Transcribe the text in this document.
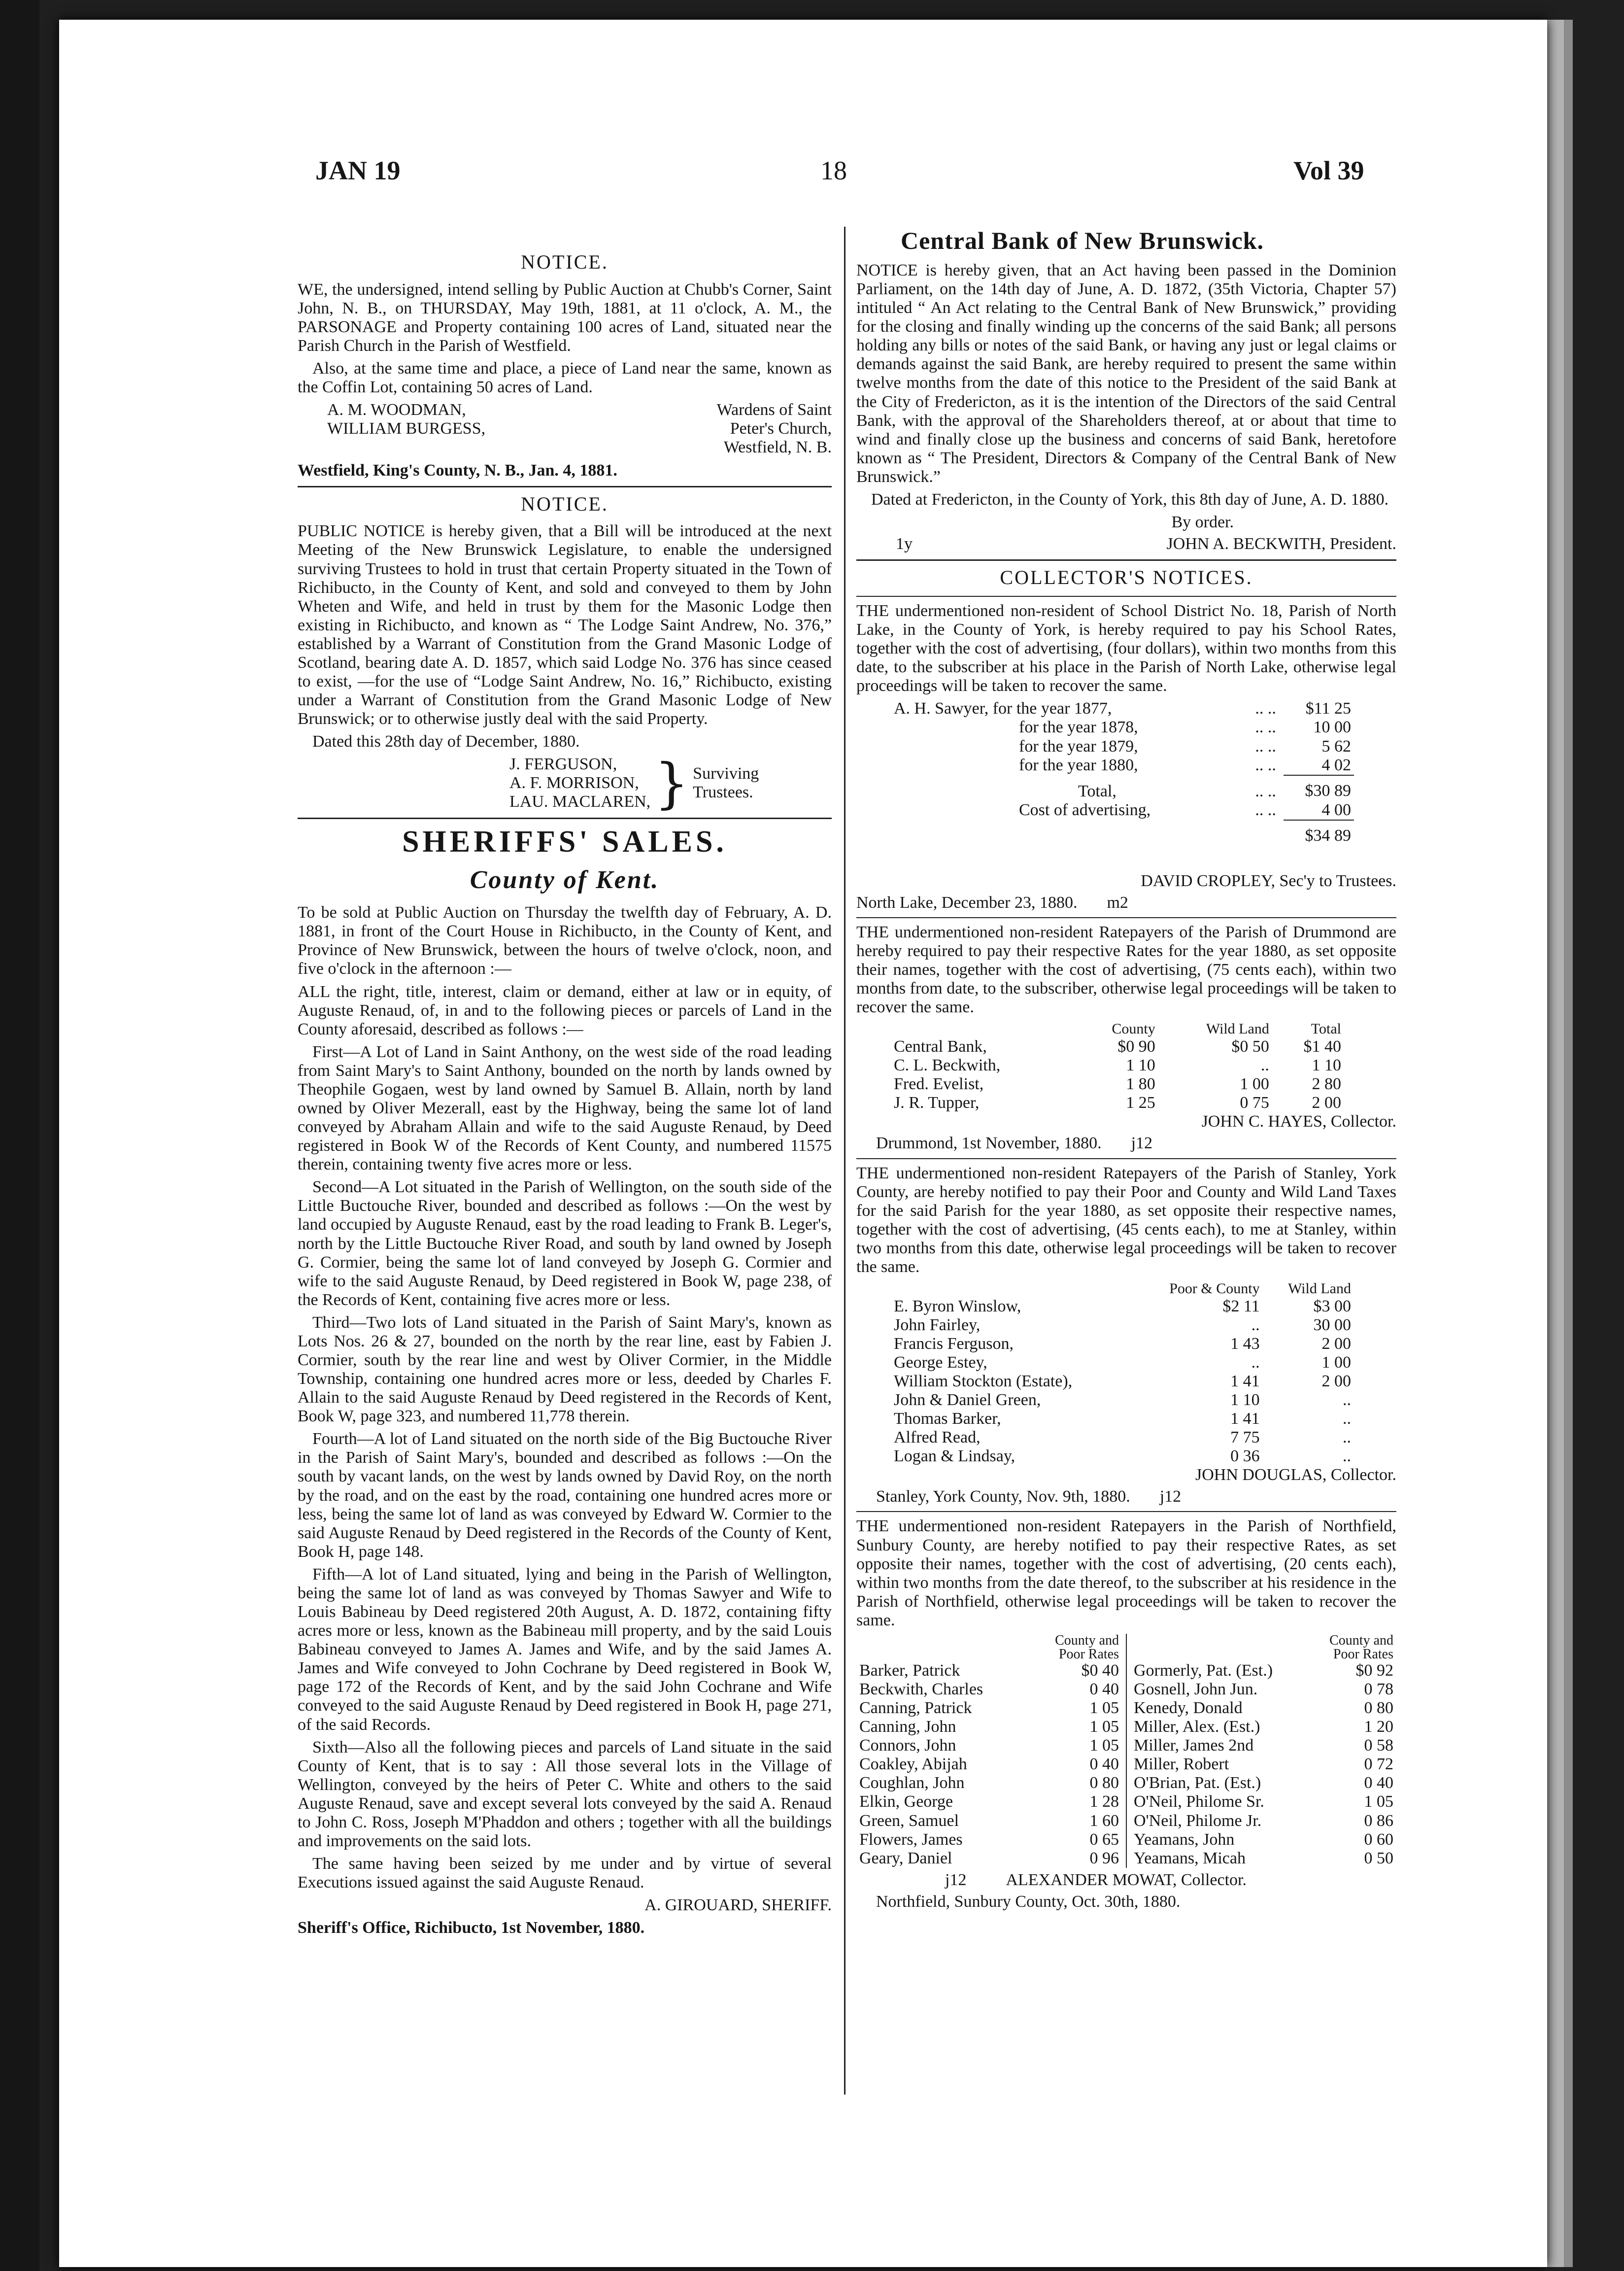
JAN 19	18	Vol 39
NOTICE.

WE, the undersigned, intend selling by Public Auction at Chubb's Corner, Saint John, N. B., on THURSDAY, May 19th, 1881, at 11 o'clock, A. M., the PARSONAGE and Property containing 100 acres of Land, situated near the Parish Church in the Parish of Westfield.

Also, at the same time and place, a piece of Land near the same, known as the Coffin Lot, containing 50 acres of Land.

A. M. WOODMAN,
WILLIAM BURGESS,
Wardens of Saint
Peter's Church,
Westfield, N. B.
Westfield, King's County, N. B., Jan. 4, 1881.
NOTICE.

PUBLIC NOTICE is hereby given, that a Bill will be introduced at the next Meeting of the New Brunswick Legislature, to enable the undersigned surviving Trustees to hold in trust that certain Property situated in the Town of Richibucto, in the County of Kent, and sold and conveyed to them by John Wheten and Wife, and held in trust by them for the Masonic Lodge then existing in Richibucto, and known as “ The Lodge Saint Andrew, No. 376,” established by a Warrant of Constitution from the Grand Masonic Lodge of Scotland, bearing date A. D. 1857, which said Lodge No. 376 has since ceased to exist, —for the use of “Lodge Saint Andrew, No. 16,” Richibucto, existing under a Warrant of Constitution from the Grand Masonic Lodge of New Brunswick; or to otherwise justly deal with the said Property.

Dated this 28th day of December, 1880.

J. FERGUSON,
A. F. MORRISON,
LAU. MACLAREN, } Surviving
Trustees.
SHERIFFS' SALES.
County of Kent.

To be sold at Public Auction on Thursday the twelfth day of February, A. D. 1881, in front of the Court House in Richibucto, in the County of Kent, and Province of New Brunswick, between the hours of twelve o'clock, noon, and five o'clock in the afternoon :—

ALL the right, title, interest, claim or demand, either at law or in equity, of Auguste Renaud, of, in and to the following pieces or parcels of Land in the County aforesaid, described as follows :—

First—A Lot of Land in Saint Anthony, on the west side of the road leading from Saint Mary's to Saint Anthony, bounded on the north by lands owned by Theophile Gogaen, west by land owned by Samuel B. Allain, north by land owned by Oliver Mezerall, east by the Highway, being the same lot of land conveyed by Abraham Allain and wife to the said Auguste Renaud, by Deed registered in Book W of the Records of Kent County, and numbered 11575 therein, containing twenty five acres more or less.

Second—A Lot situated in the Parish of Wellington, on the south side of the Little Buctouche River, bounded and described as follows :—On the west by land occupied by Auguste Renaud, east by the road leading to Frank B. Leger's, north by the Little Buctouche River Road, and south by land owned by Joseph G. Cormier, being the same lot of land conveyed by Joseph G. Cormier and wife to the said Auguste Renaud, by Deed registered in Book W, page 238, of the Records of Kent, containing five acres more or less.

Third—Two lots of Land situated in the Parish of Saint Mary's, known as Lots Nos. 26 & 27, bounded on the north by the rear line, east by Fabien J. Cormier, south by the rear line and west by Oliver Cormier, in the Middle Township, containing one hundred acres more or less, deeded by Charles F. Allain to the said Auguste Renaud by Deed registered in the Records of Kent, Book W, page 323, and numbered 11,778 therein.

Fourth—A lot of Land situated on the north side of the Big Buctouche River in the Parish of Saint Mary's, bounded and described as follows :—On the south by vacant lands, on the west by lands owned by David Roy, on the north by the road, and on the east by the road, containing one hundred acres more or less, being the same lot of land as was conveyed by Edward W. Cormier to the said Auguste Renaud by Deed registered in the Records of the County of Kent, Book H, page 148.

Fifth—A lot of Land situated, lying and being in the Parish of Wellington, being the same lot of land as was conveyed by Thomas Sawyer and Wife to Louis Babineau by Deed registered 20th August, A. D. 1872, containing fifty acres more or less, known as the Babineau mill property, and by the said Louis Babineau conveyed to James A. James and Wife, and by the said James A. James and Wife conveyed to John Cochrane by Deed registered in Book W, page 172 of the Records of Kent, and by the said John Cochrane and Wife conveyed to the said Auguste Renaud by Deed registered in Book H, page 271, of the said Records.

Sixth—Also all the following pieces and parcels of Land situate in the said County of Kent, that is to say : All those several lots in the Village of Wellington, conveyed by the heirs of Peter C. White and others to the said Auguste Renaud, save and except several lots conveyed by the said A. Renaud to John C. Ross, Joseph M'Phaddon and others ; together with all the buildings and improvements on the said lots.

The same having been seized by me under and by virtue of several Executions issued against the said Auguste Renaud.

A. GIROUARD, SHERIFF.
Sheriff's Office, Richibucto, 1st November, 1880.
Central Bank of New Brunswick.

NOTICE is hereby given, that an Act having been passed in the Dominion Parliament, on the 14th day of June, A. D. 1872, (35th Victoria, Chapter 57) intituled “ An Act relating to the Central Bank of New Brunswick,” providing for the closing and finally winding up the concerns of the said Bank; all persons holding any bills or notes of the said Bank, or having any just or legal claims or demands against the said Bank, are hereby required to present the same within twelve months from the date of this notice to the President of the said Bank at the City of Fredericton, as it is the intention of the Directors of the said Central Bank, with the approval of the Shareholders thereof, at or about that time to wind and finally close up the business and concerns of said Bank, heretofore known as “ The President, Directors & Company of the Central Bank of New Brunswick.”

Dated at Fredericton, in the County of York, this 8th day of June, A. D. 1880.

By order.
1y	JOHN A. BECKWITH, President.
COLLECTOR'S NOTICES.

THE undermentioned non-resident of School District No. 18, Parish of North Lake, in the County of York, is hereby required to pay his School Rates, together with the cost of advertising, (four dollars), within two months from this date, to the subscriber at his place in the Parish of North Lake, otherwise legal proceedings will be taken to recover the same.

A. H. Sawyer, for the year 1877,	.. ..	$11 25
for the year 1878,	.. ..	10 00
for the year 1879,	.. ..	5 62
for the year 1880,	.. ..	4 02
Total,	.. ..	$30 89
Cost of advertising,	.. ..	4 00
		$34 89
DAVID CROPLEY, Sec'y to Trustees.
North Lake, December 23, 1880. m2

THE undermentioned non-resident Ratepayers of the Parish of Drummond are hereby required to pay their respective Rates for the year 1880, as set opposite their names, together with the cost of advertising, (75 cents each), within two months from date, to the subscriber, otherwise legal proceedings will be taken to recover the same.

	County	Wild Land	Total
Central Bank,	$0 90	$0 50	$1 40
C. L. Beckwith,	1 10	..	1 10
Fred. Evelist,	1 80	1 00	2 80
J. R. Tupper,	1 25	0 75	2 00
JOHN C. HAYES, Collector.
Drummond, 1st November, 1880. j12

THE undermentioned non-resident Ratepayers of the Parish of Stanley, York County, are hereby notified to pay their Poor and County and Wild Land Taxes for the said Parish for the year 1880, as set opposite their respective names, together with the cost of advertising, (45 cents each), to me at Stanley, within two months from this date, otherwise legal proceedings will be taken to recover the same.

	Poor & County	Wild Land
E. Byron Winslow,	$2 11	$3 00
John Fairley,	..	30 00
Francis Ferguson,	1 43	2 00
George Estey,	..	1 00
William Stockton (Estate),	1 41	2 00
John & Daniel Green,	1 10	..
Thomas Barker,	1 41	..
Alfred Read,	7 75	..
Logan & Lindsay,	0 36	..
JOHN DOUGLAS, Collector.
Stanley, York County, Nov. 9th, 1880. j12

THE undermentioned non-resident Ratepayers in the Parish of Northfield, Sunbury County, are hereby notified to pay their respective Rates, as set opposite their names, together with the cost of advertising, (20 cents each), within two months from the date thereof, to the subscriber at his residence in the Parish of Northfield, otherwise legal proceedings will be taken to recover the same.

	County and
Poor Rates
Barker, Patrick	$0 40
Beckwith, Charles	0 40
Canning, Patrick	1 05
Canning, John	1 05
Connors, John	1 05
Coakley, Abijah	0 40
Coughlan, John	0 80
Elkin, George	1 28
Green, Samuel	1 60
Flowers, James	0 65
Geary, Daniel	0 96
	County and
Poor Rates
Gormerly, Pat. (Est.)	$0 92
Gosnell, John Jun.	0 78
Kenedy, Donald	0 80
Miller, Alex. (Est.)	1 20
Miller, James 2nd	0 58
Miller, Robert	0 72
O'Brian, Pat. (Est.)	0 40
O'Neil, Philome Sr.	1 05
O'Neil, Philome Jr.	0 86
Yeamans, John	0 60
Yeamans, Micah	0 50
j12 ALEXANDER MOWAT, Collector.
Northfield, Sunbury County, Oct. 30th, 1880.
